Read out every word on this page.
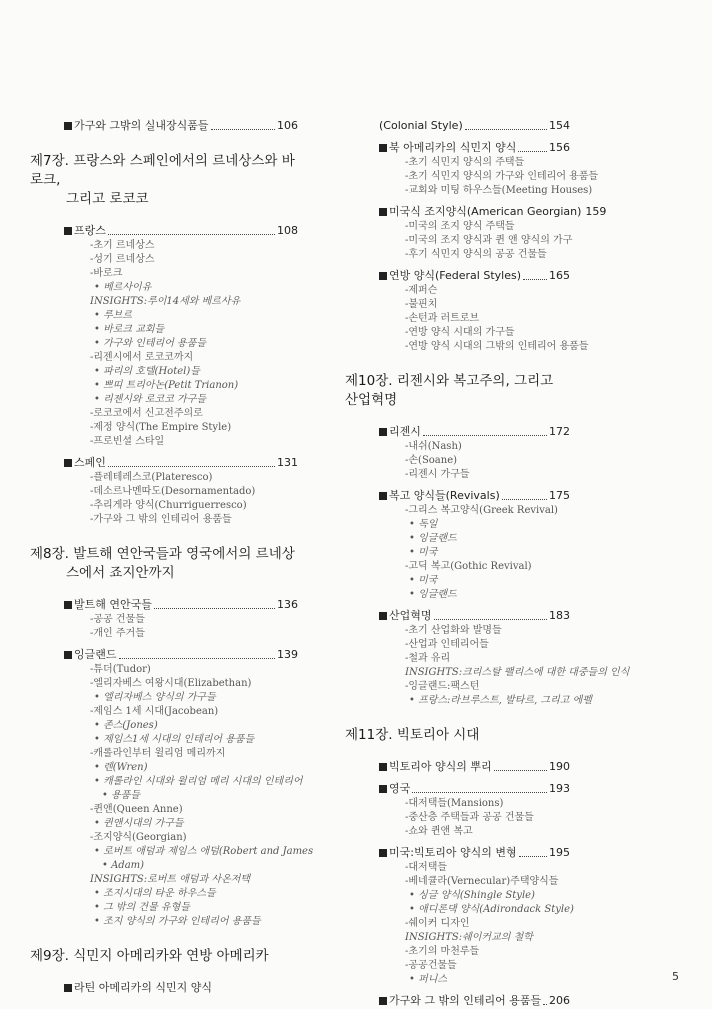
가구와 그밖의 실내장식품들	106
제7장. 프랑스와 스페인에서의 르네상스와 바로크,
그리고 로코코
프랑스	108
-초기 르네상스
-성기 르네상스
-바로크
• 베르사이유
INSIGHTS:루이14세와 베르사유
• 루브르
• 바로크 교회들
• 가구와 인테리어 용품들
-리젠시에서 로코코까지
• 파리의 호텔(Hotel)들
• 쁘띠 트리아논(Petit Trianon)
• 리젠시와 로코코 가구들
-로코코에서 신고전주의로
-제정 양식(The Empire Style)
-프로빈셜 스타일
스페인	131
-플레테레스코(Plateresco)
-데소르나멘따도(Desornamentado)
-추리게라 양식(Churriguerresco)
-가구와 그 밖의 인테리어 용품들
제8장. 발트해 연안국들과 영국에서의 르네상
스에서 죠지안까지
발트해 연안국들	136
-공공 건물들
-개인 주거들
잉글랜드	139
-튜더(Tudor)
-엘리자베스 여왕시대(Elizabethan)
• 엘리자베스 양식의 가구들
-제임스 1세 시대(Jacobean)
• 존스(Jones)
• 제임스1세 시대의 인테리어 용품들
-캐롤라인부터 윌리엄 메리까지
• 렌(Wren)
• 캐롤라인 시대와 윌리엄 메리 시대의 인테리어
• 용품들
-퀸앤(Queen Anne)
• 퀸앤시대의 가구들
-조지양식(Georgian)
• 로버트 애덤과 제임스 애덤(Robert and James
• Adam)
INSIGHTS:로버트 애덤과 사온저택
• 조지시대의 타운 하우스들
• 그 밖의 건물 유형들
• 조지 양식의 가구와 인테리어 용품들
제9장. 식민지 아메리카와 연방 아메리카
라틴 아메리카의 식민지 양식
(Colonial Style)	154
북 아메리카의 식민지 양식	156
-초기 식민지 양식의 주택들
-초기 식민지 양식의 가구와 인테리어 용품들
-교회와 미팅 하우스들(Meeting Houses)
미국식 조지양식(American Georgian) 159
-미국의 조지 양식 주택들
-미국의 조지 양식과 퀸 앤 양식의 가구
-후기 식민지 양식의 공공 건물들
연방 양식(Federal Styles)	165
-제퍼슨
-불핀치
-손턴과 러트로브
-연방 양식 시대의 가구들
-연방 양식 시대의 그밖의 인테리어 용품들
제10장. 리젠시와 복고주의, 그리고 산업혁명
리젠시	172
-내쉬(Nash)
-손(Soane)
-리젠시 가구들
복고 양식들(Revivals)	175
-그리스 복고양식(Greek Revival)
• 독일
• 잉글랜드
• 미국
-고딕 복고(Gothic Revival)
• 미국
• 잉글랜드
산업혁명	183
-초기 산업화와 발명들
-산업과 인테리어들
-철과 유리
INSIGHTS:크리스탈 팰리스에 대한 대중들의 인식
-잉글랜드:팩스턴
• 프랑스:라브루스트, 발타르, 그리고 에펠
제11장. 빅토리아 시대
빅토리아 양식의 뿌리	190
영국	193
-대저택들(Mansions)
-중산층 주택들과 공공 건물들
-쇼와 퀸앤 복고
미국:빅토리아 양식의 변형	195
-대저택들
-베네큘라(Vernecular)주택양식들
• 싱글 양식(Shingle Style)
• 애디론댁 양식(Adirondack Style)
-쉐이커 디자인
INSIGHTS:쉐이커교의 철학
-초기의 마천루들
-공공건물들
• 퍼니스
가구와 그 밖의 인테리어 용품들 206
5
